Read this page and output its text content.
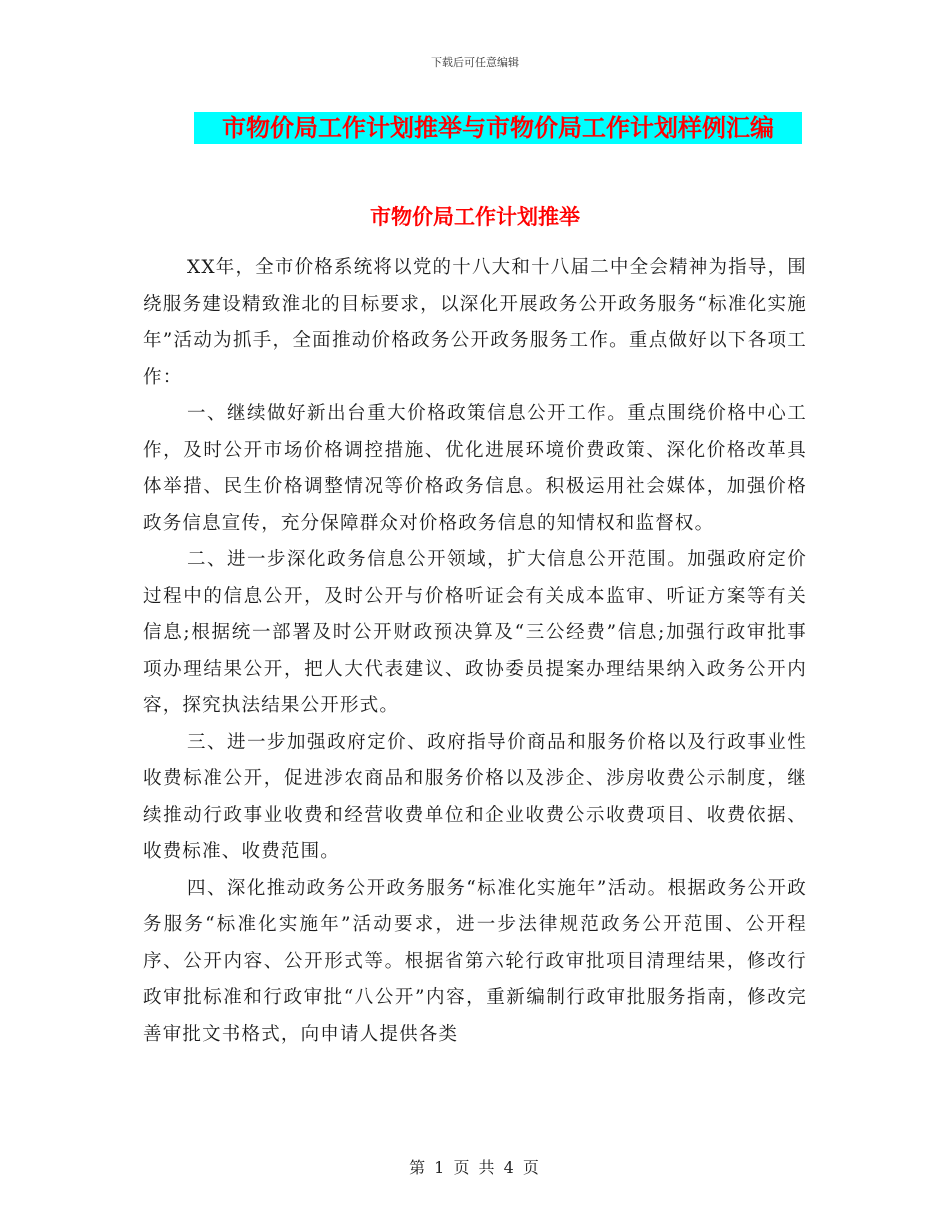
下载后可任意编辑
市物价局工作计划推举与市物价局工作计划样例汇编
市物价局工作计划推举

XX年，全市价格系统将以党的十八大和十八届二中全会精神为指导，围绕服务建设精致淮北的目标要求，以深化开展政务公开政务服务“标准化实施年”活动为抓手，全面推动价格政务公开政务服务工作。重点做好以下各项工作：

一、继续做好新出台重大价格政策信息公开工作。重点围绕价格中心工作，及时公开市场价格调控措施、优化进展环境价费政策、深化价格改革具体举措、民生价格调整情况等价格政务信息。积极运用社会媒体，加强价格政务信息宣传，充分保障群众对价格政务信息的知情权和监督权。

二、进一步深化政务信息公开领域，扩大信息公开范围。加强政府定价过程中的信息公开，及时公开与价格听证会有关成本监审、听证方案等有关信息;根据统一部署及时公开财政预决算及“三公经费”信息;加强行政审批事项办理结果公开，把人大代表建议、政协委员提案办理结果纳入政务公开内容，探究执法结果公开形式。

三、进一步加强政府定价、政府指导价商品和服务价格以及行政事业性收费标准公开，促进涉农商品和服务价格以及涉企、涉房收费公示制度，继续推动行政事业收费和经营收费单位和企业收费公示收费项目、收费依据、收费标准、收费范围。

四、深化推动政务公开政务服务“标准化实施年”活动。根据政务公开政务服务“标准化实施年”活动要求，进一步法律规范政务公开范围、公开程序、公开内容、公开形式等。根据省第六轮行政审批项目清理结果，修改行政审批标准和行政审批“八公开”内容，重新编制行政审批服务指南，修改完善审批文书格式，向申请人提供各类

第 1 页 共 4 页
